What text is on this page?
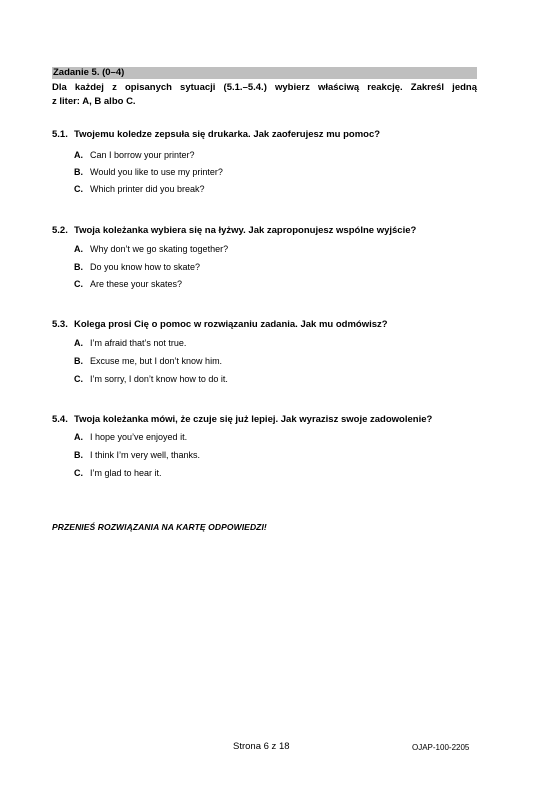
Zadanie 5. (0–4)
Dla każdej z opisanych sytuacji (5.1.–5.4.) wybierz właściwą reakcję. Zakreśl jedną
z liter: A, B albo C.
5.1. Twojemu koledze zepsuła się drukarka. Jak zaoferujesz mu pomoc?
A. Can I borrow your printer?
B. Would you like to use my printer?
C. Which printer did you break?
5.2. Twoja koleżanka wybiera się na łyżwy. Jak zaproponujesz wspólne wyjście?
A. Why don’t we go skating together?
B. Do you know how to skate?
C. Are these your skates?
5.3. Kolega prosi Cię o pomoc w rozwiązaniu zadania. Jak mu odmówisz?
A. I’m afraid that’s not true.
B. Excuse me, but I don’t know him.
C. I’m sorry, I don’t know how to do it.
5.4. Twoja koleżanka mówi, że czuje się już lepiej. Jak wyrazisz swoje zadowolenie?
A. I hope you’ve enjoyed it.
B. I think I’m very well, thanks.
C. I’m glad to hear it.
PRZENIEŚ ROZWIĄZANIA NA KARTĘ ODPOWIEDZI!
Strona 6 z 18	OJAP-100-2205
